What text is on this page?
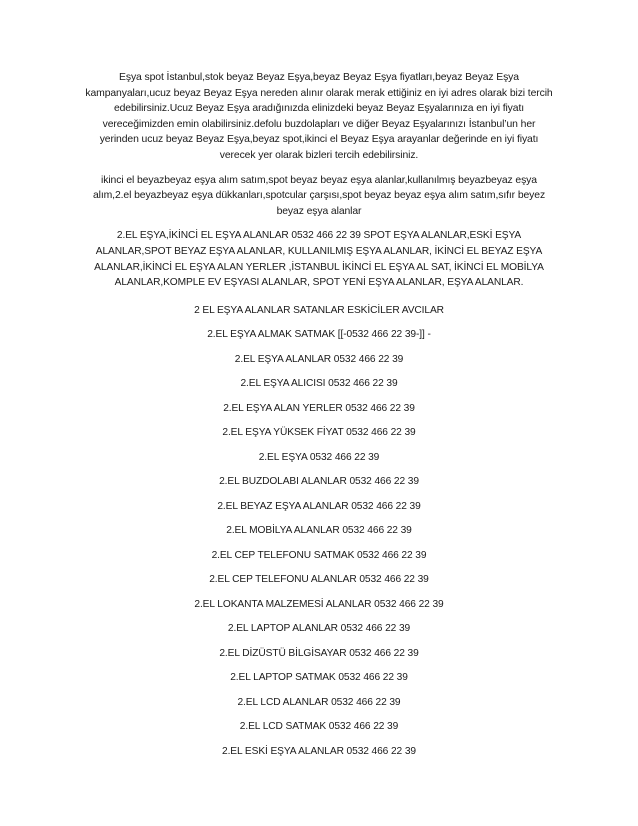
Eşya spot İstanbul,stok beyaz Beyaz Eşya,beyaz Beyaz Eşya fiyatları,beyaz Beyaz Eşya kampanyaları,ucuz beyaz Beyaz Eşya nereden alınır olarak merak ettiğiniz en iyi adres olarak bizi tercih edebilirsiniz.Ucuz Beyaz Eşya aradığınızda elinizdeki beyaz Beyaz Eşyalarınıza en iyi fiyatı vereceğimizden emin olabilirsiniz.defolu buzdolapları ve diğer Beyaz Eşyalarınızı İstanbul’un her yerinden ucuz beyaz Beyaz Eşya,beyaz spot,ikinci el Beyaz Eşya arayanlar değerinde en iyi fiyatı verecek yer olarak bizleri tercih edebilirsiniz.

ikinci el beyazbeyaz eşya alım satım,spot beyaz beyaz eşya alanlar,kullanılmış beyazbeyaz eşya alım,2.el beyazbeyaz eşya dükkanları,spotcular çarşısı,spot beyaz beyaz eşya alım satım,sıfır beyez beyaz eşya alanlar

2.EL EŞYA,İKİNCİ EL EŞYA ALANLAR 0532 466 22 39 SPOT EŞYA ALANLAR,ESKİ EŞYA ALANLAR,SPOT BEYAZ EŞYA ALANLAR, KULLANILMIŞ EŞYA ALANLAR, İKİNCİ EL BEYAZ EŞYA ALANLAR,İKİNCİ EL EŞYA ALAN YERLER ,İSTANBUL İKİNCİ EL EŞYA AL SAT, İKİNCİ EL MOBİLYA ALANLAR,KOMPLE EV EŞYASI ALANLAR, SPOT YENİ EŞYA ALANLAR, EŞYA ALANLAR.

2 EL EŞYA ALANLAR SATANLAR ESKİCİLER AVCILAR
2.EL EŞYA ALMAK SATMAK [[-0532 466 22 39-]] -
2.EL EŞYA ALANLAR 0532 466 22 39
2.EL EŞYA ALICISI 0532 466 22 39
2.EL EŞYA ALAN YERLER 0532 466 22 39
2.EL EŞYA YÜKSEK FİYAT 0532 466 22 39
2.EL EŞYA 0532 466 22 39
2.EL BUZDOLABI ALANLAR 0532 466 22 39
2.EL BEYAZ EŞYA ALANLAR 0532 466 22 39
2.EL MOBİLYA ALANLAR 0532 466 22 39
2.EL CEP TELEFONU SATMAK 0532 466 22 39
2.EL CEP TELEFONU ALANLAR 0532 466 22 39
2.EL LOKANTA MALZEMESİ ALANLAR 0532 466 22 39
2.EL LAPTOP ALANLAR 0532 466 22 39
2.EL DİZÜSTÜ BİLGİSAYAR 0532 466 22 39
2.EL LAPTOP SATMAK 0532 466 22 39
2.EL LCD ALANLAR 0532 466 22 39
2.EL LCD SATMAK 0532 466 22 39
2.EL ESKİ EŞYA ALANLAR 0532 466 22 39
